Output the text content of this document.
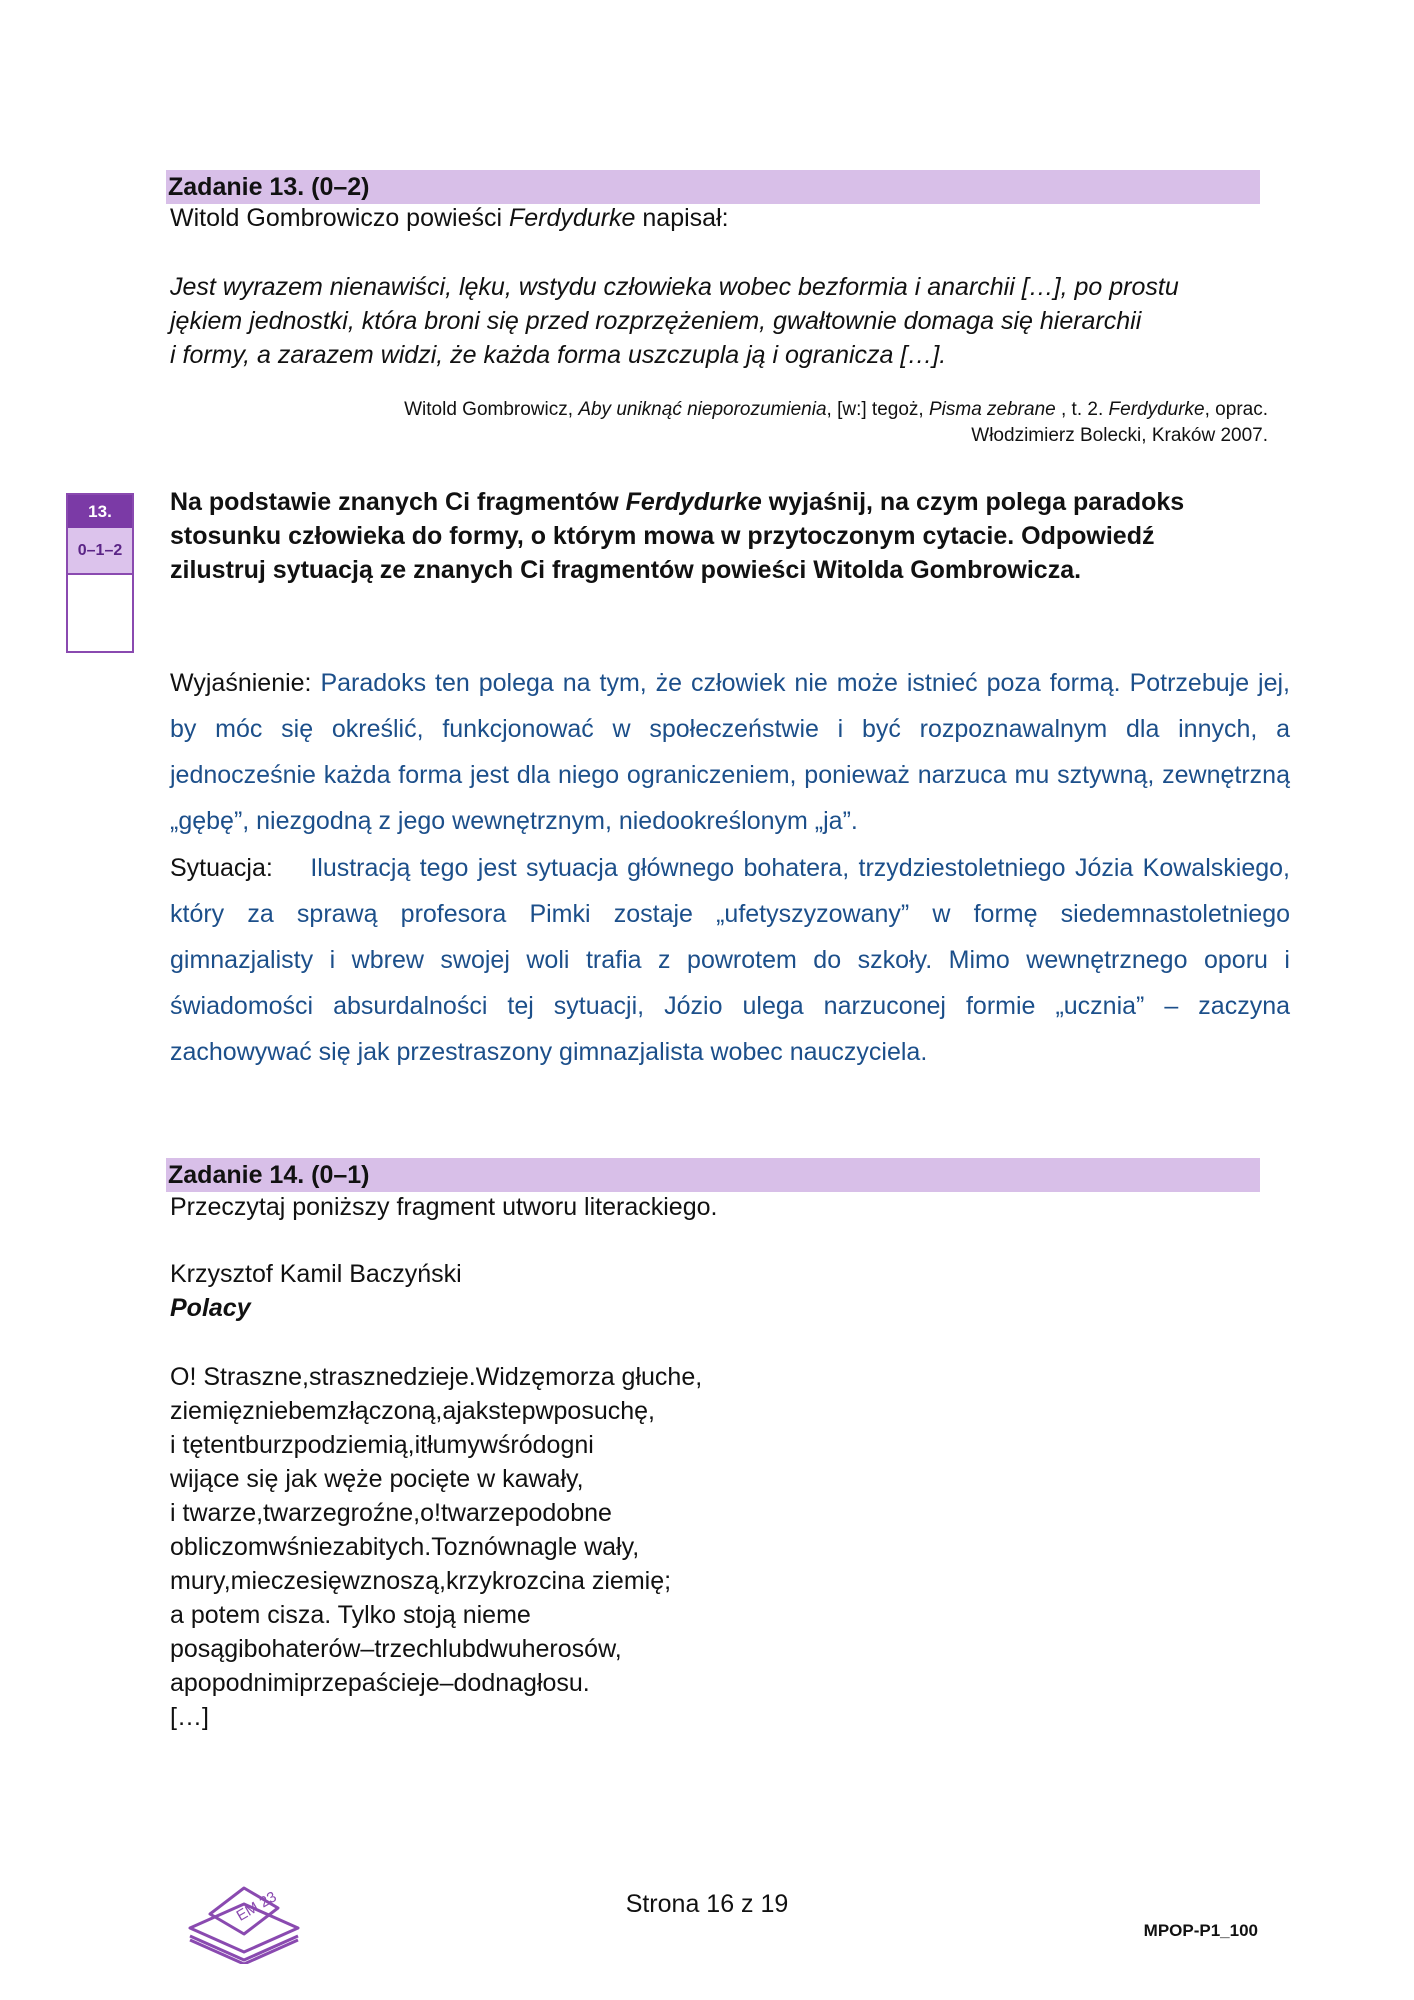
Zadanie 13. (0–2)
Witold Gombrowiczo powieści Ferdydurke napisał:
Jest wyrazem nienawiści, lęku, wstydu człowieka wobec bezformia i anarchii […], po prostu
jękiem jednostki, która broni się przed rozprzężeniem, gwałtownie domaga się hierarchii
i formy, a zarazem widzi, że każda forma uszczupla ją i ogranicza […].
Witold Gombrowicz, Aby uniknąć nieporozumienia, [w:] tegoż, Pisma zebrane , t. 2. Ferdydurke, oprac.
Włodzimierz Bolecki, Kraków 2007.
13.
0–1–2
Na podstawie znanych Ci fragmentów Ferdydurke wyjaśnij, na czym polega paradoks
stosunku człowieka do formy, o którym mowa w przytoczonym cytacie. Odpowiedź
zilustruj sytuacją ze znanych Ci fragmentów powieści Witolda Gombrowicza.
Wyjaśnienie: Paradoks ten polega na tym, że człowiek nie może istnieć poza formą. Potrzebuje jej, by móc się określić, funkcjonować w społeczeństwie i być rozpoznawalnym dla innych, a jednocześnie każda forma jest dla niego ograniczeniem, ponieważ narzuca mu sztywną, zewnętrzną „gębę”, niezgodną z jego wewnętrznym, niedookreślonym „ja”.
Sytuacja: Ilustracją tego jest sytuacja głównego bohatera, trzydziestoletniego Józia Kowalskiego, który za sprawą profesora Pimki zostaje „ufetyszyzowany” w formę siedemnastoletniego gimnazjalisty i wbrew swojej woli trafia z powrotem do szkoły. Mimo wewnętrznego oporu i świadomości absurdalności tej sytuacji, Józio ulega narzuconej formie „ucznia” – zaczyna zachowywać się jak przestraszony gimnazjalista wobec nauczyciela.
Zadanie 14. (0–1)
Przeczytaj poniższy fragment utworu literackiego.
Krzysztof Kamil Baczyński
Polacy
O! Straszne,strasznedzieje.Widzęmorza głuche,
ziemięzniebemzłączoną,ajakstepwposuchę,
i tętentburzpodziemią,itłumywśródogni
wijące się jak węże pocięte w kawały,
i twarze,twarzegroźne,o!twarzepodobne
obliczomwśniezabitych.Toznównagle wały,
mury,mieczesięwznoszą,krzykrozcina ziemię;
a potem cisza. Tylko stoją nieme
posągibohaterów–trzechlubdwuherosów,
apopodnimiprzepaściejе–dodnagłosu.
[…]
EM 23	Strona 16 z 19
MPOP-P1_100
